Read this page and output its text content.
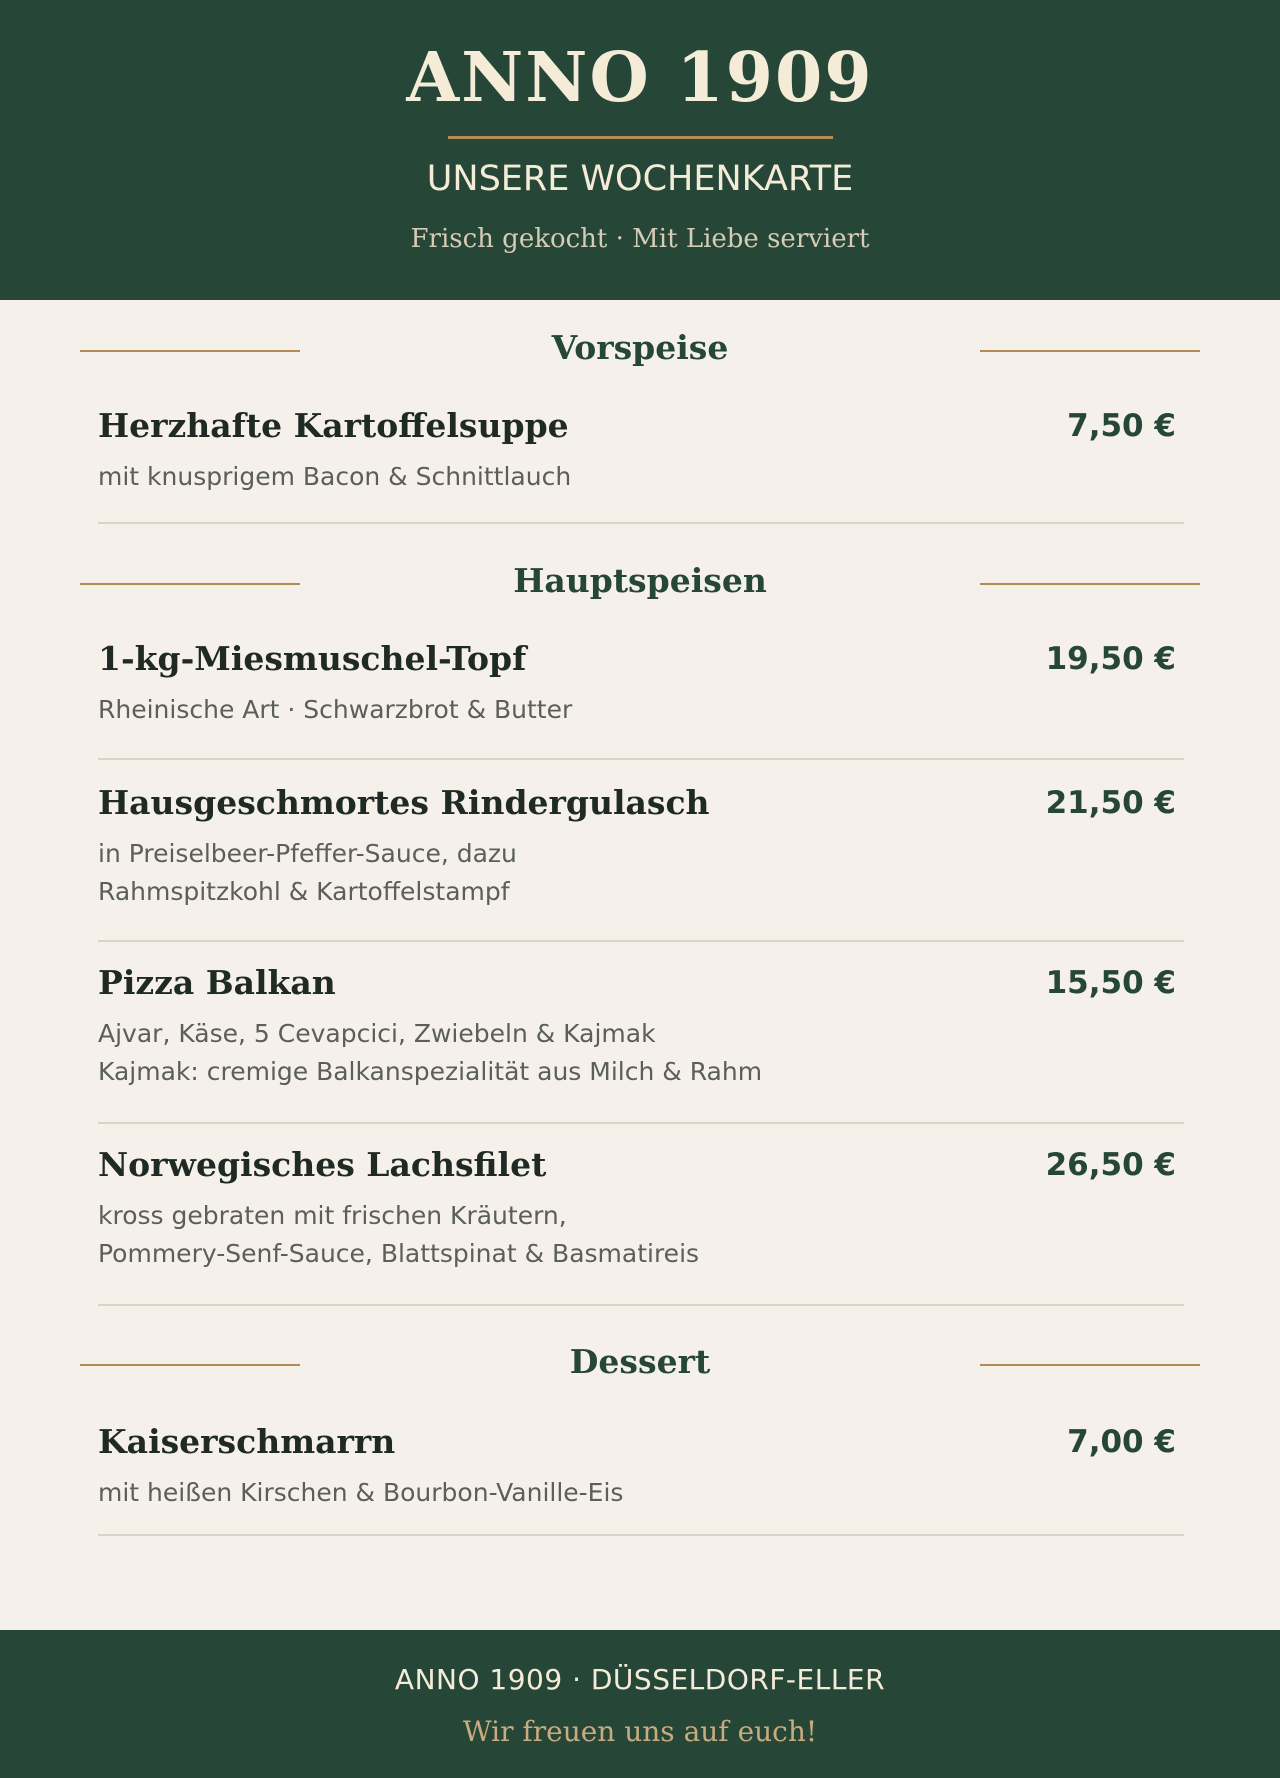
ANNO 1909
UNSERE WOCHENKARTE
Frisch gekocht · Mit Liebe serviert
Vorspeise
Herzhafte Kartoffelsuppe	7,50 €
mit knusprigem Bacon & Schnittlauch
Hauptspeisen
1-kg-Miesmuschel-Topf	19,50 €
Rheinische Art · Schwarzbrot & Butter
Hausgeschmortes Rindergulasch	21,50 €
in Preiselbeer-Pfeffer-Sauce, dazu
Rahmspitzkohl & Kartoffelstampf
Pizza Balkan	15,50 €
Ajvar, Käse, 5 Cevapcici, Zwiebeln & Kajmak
Kajmak: cremige Balkanspezialität aus Milch & Rahm
Norwegisches Lachsfilet	26,50 €
kross gebraten mit frischen Kräutern,
Pommery-Senf-Sauce, Blattspinat & Basmatireis
Dessert
Kaiserschmarrn	7,00 €
mit heißen Kirschen & Bourbon-Vanille-Eis
ANNO 1909 · DÜSSELDORF-ELLER
Wir freuen uns auf euch!
